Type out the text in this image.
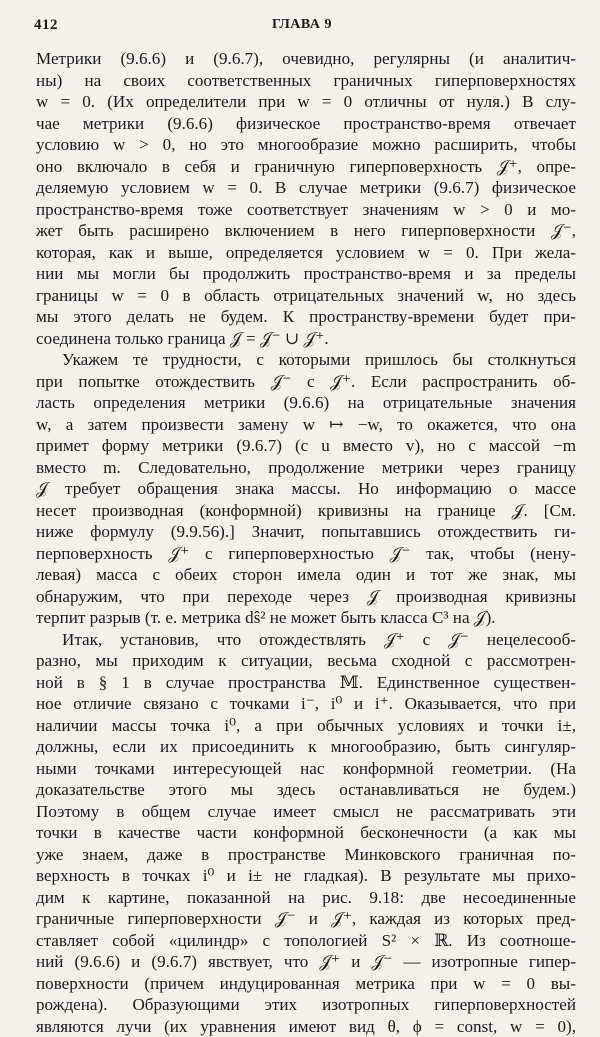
412	ГЛАВА 9

Метрики (9.6.6) и (9.6.7), очевидно, регулярны (и аналитич-
ны) на своих соответственных граничных гиперповерхностях
w = 0. (Их определители при w = 0 отличны от нуля.) В слу-
чае метрики (9.6.6) физическое пространство-время отвечает
условию w > 0, но это многообразие можно расширить, чтобы
оно включало в себя и граничную гиперповерхность 𝒥⁺, опре-
деляемую условием w = 0. В случае метрики (9.6.7) физическое
пространство-время тоже соответствует значениям w > 0 и мо-
жет быть расширено включением в него гиперповерхности 𝒥⁻,
которая, как и выше, определяется условием w = 0. При жела-
нии мы могли бы продолжить пространство-время и за пределы
границы w = 0 в область отрицательных значений w, но здесь
мы этого делать не будем. К пространству-времени будет при-
соединена только граница 𝒥 = 𝒥⁻ ∪ 𝒥⁺.

Укажем те трудности, с которыми пришлось бы столкнуться
при попытке отождествить 𝒥⁻ с 𝒥⁺. Если распространить об-
ласть определения метрики (9.6.6) на отрицательные значения
w, а затем произвести замену w ↦ −w, то окажется, что она
примет форму метрики (9.6.7) (с u вместо v), но с массой −m
вместо m. Следовательно, продолжение метрики через границу
𝒥 требует обращения знака массы. Но информацию о массе
несет производная (конформной) кривизны на границе 𝒥. [См.
ниже формулу (9.9.56).] Значит, попытавшись отождествить ги-
перповерхность 𝒥⁺ с гиперповерхностью 𝒥⁻ так, чтобы (нену-
левая) масса с обеих сторон имела один и тот же знак, мы
обнаружим, что при переходе через 𝒥 производная кривизны
терпит разрыв (т. е. метрика dŝ² не может быть класса C³ на 𝒥).

Итак, установив, что отождествлять 𝒥⁺ с 𝒥⁻ нецелесооб-
разно, мы приходим к ситуации, весьма сходной с рассмотрен-
ной в § 1 в случае пространства 𝕄. Единственное существен-
ное отличие связано с точками i⁻, i⁰ и i⁺. Оказывается, что при
наличии массы точка i⁰, а при обычных условиях и точки i±,
должны, если их присоединить к многообразию, быть сингуляр-
ными точками интересующей нас конформной геометрии. (На
доказательстве этого мы здесь останавливаться не будем.)
Поэтому в общем случае имеет смысл не рассматривать эти
точки в качестве части конформной бесконечности (а как мы
уже знаем, даже в пространстве Минковского граничная по-
верхность в точках i⁰ и i± не гладкая). В результате мы прихо-
дим к картине, показанной на рис. 9.18: две несоединенные
граничные гиперповерхности 𝒥⁻ и 𝒥⁺, каждая из которых пред-
ставляет собой «цилиндр» с топологией S² × ℝ. Из соотноше-
ний (9.6.6) и (9.6.7) явствует, что 𝒥⁺ и 𝒥⁻ — изотропные гипер-
поверхности (причем индуцированная метрика при w = 0 вы-
рождена). Образующими этих изотропных гиперповерхностей
являются лучи (их уравнения имеют вид θ, ϕ = const, w = 0),
